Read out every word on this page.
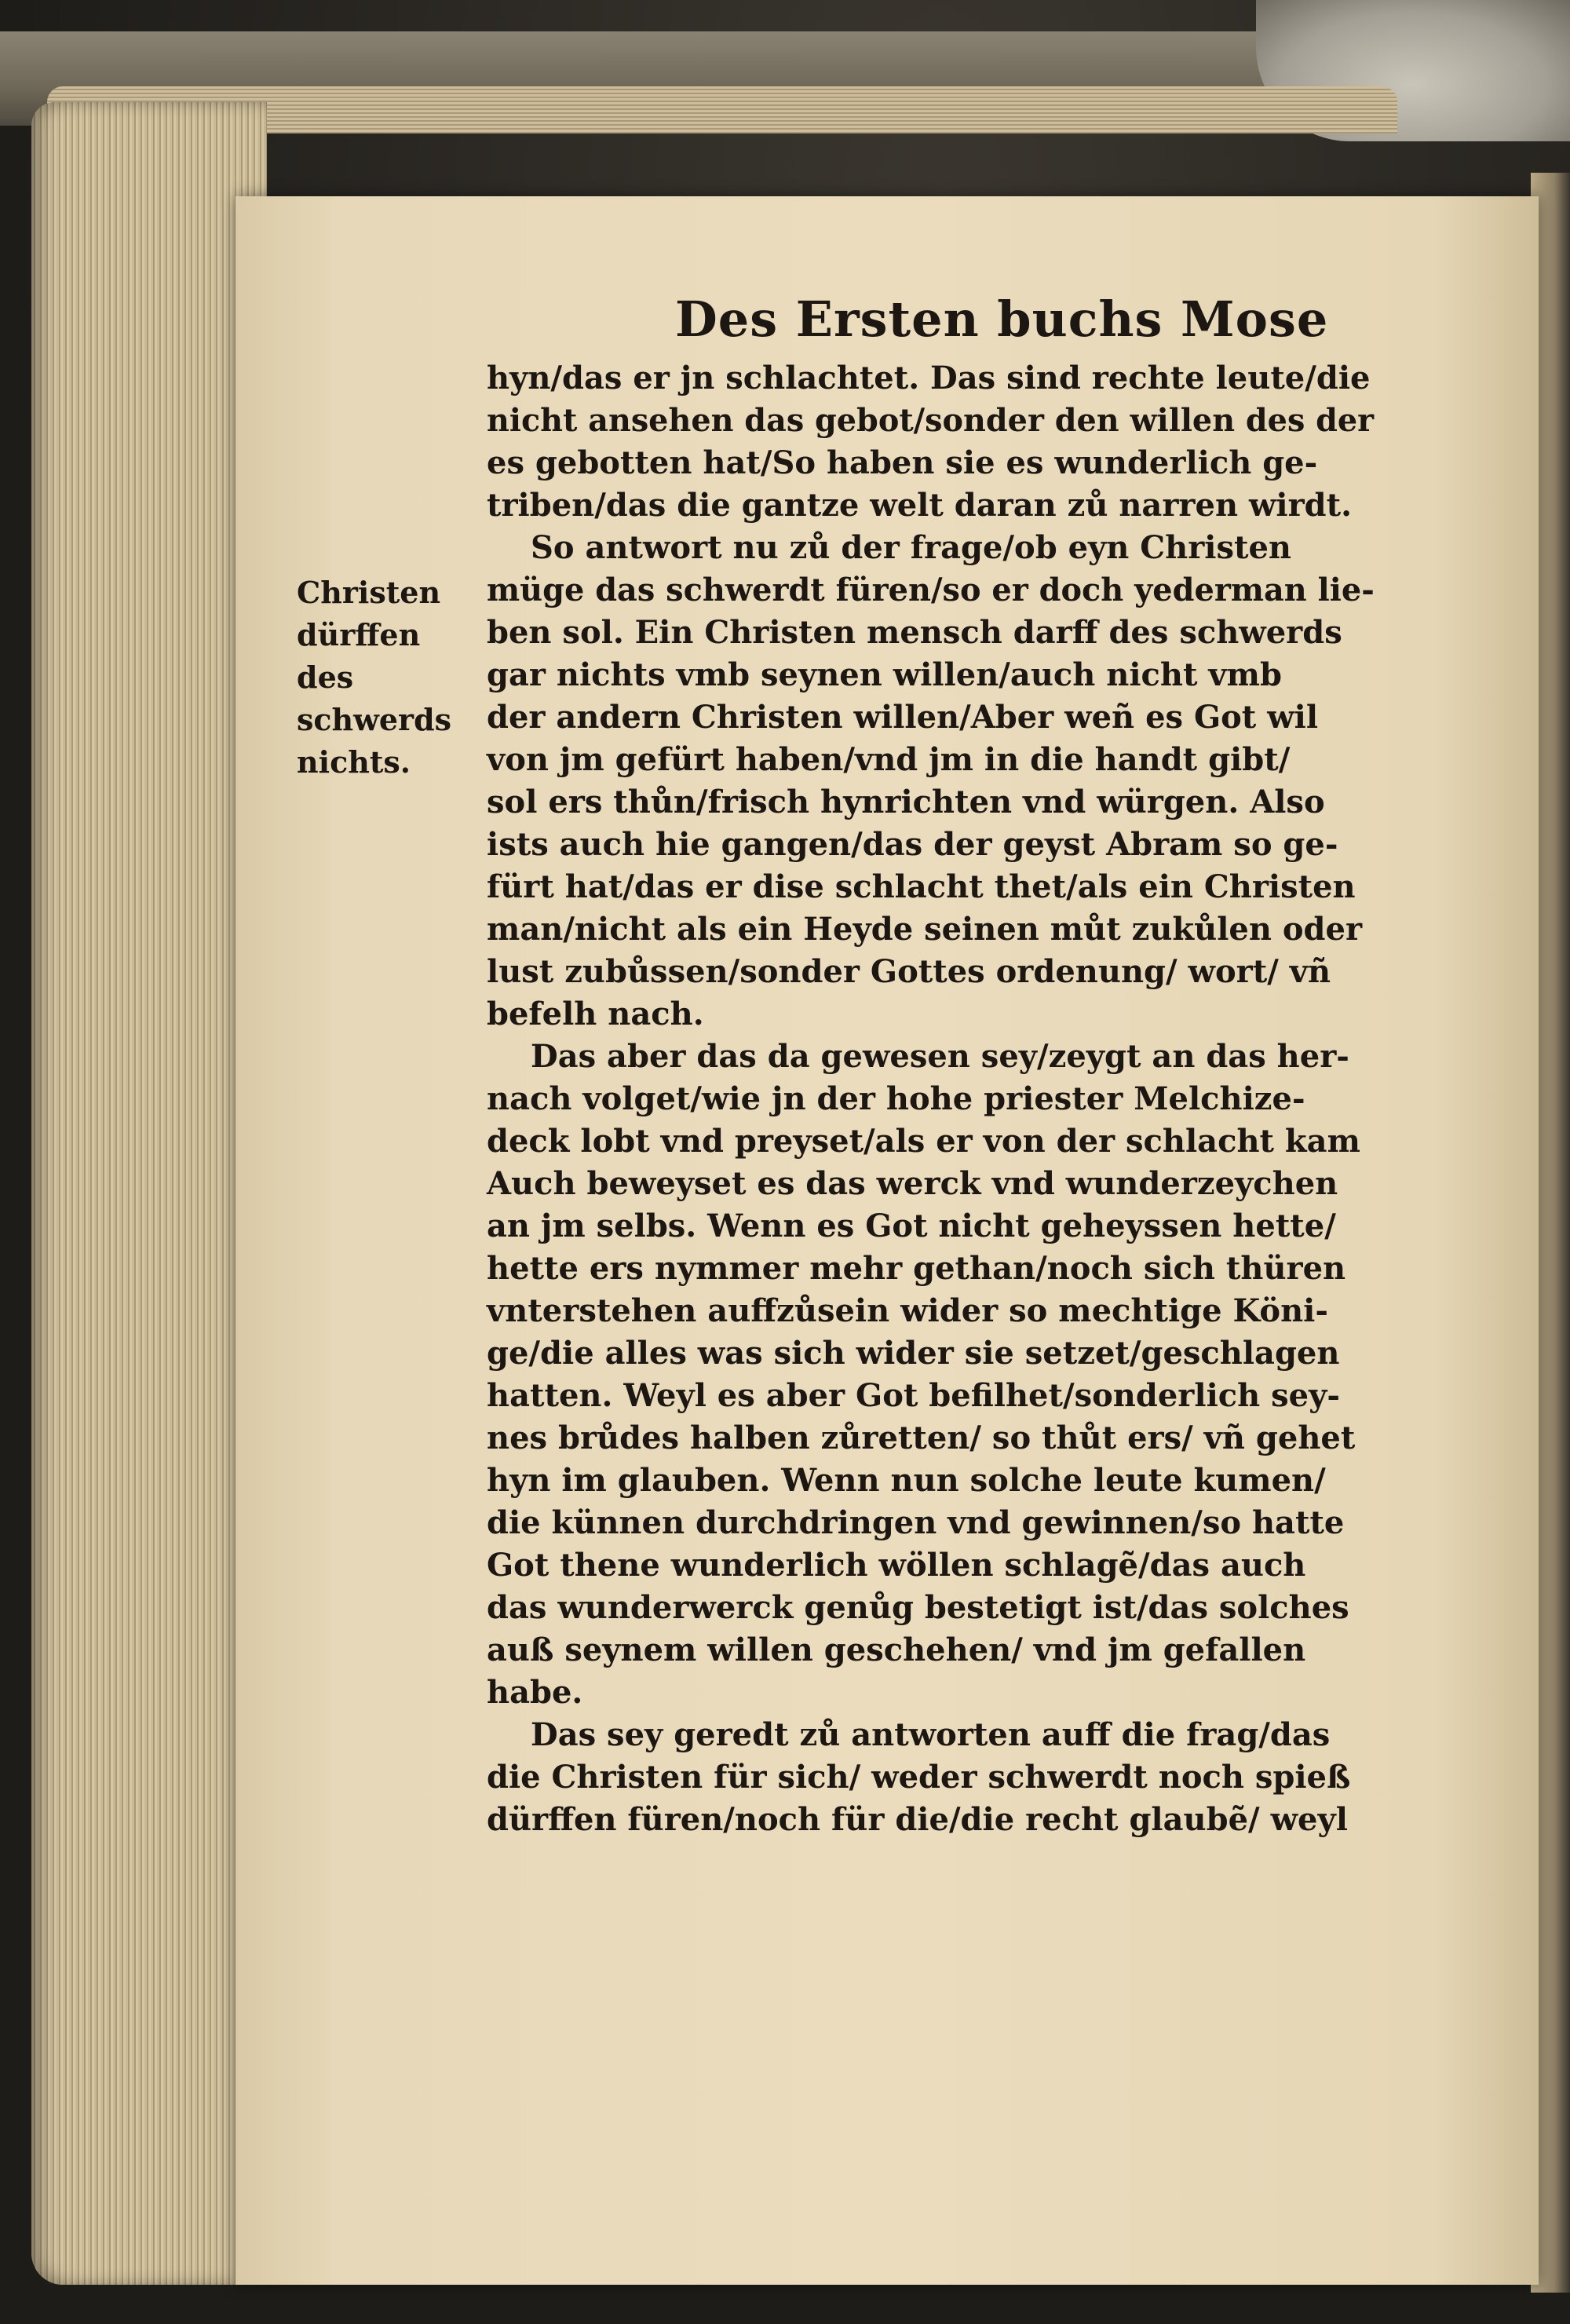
Des Ersten buchs Mose
Christen
dürffen
des
schwerds
nichts.
hyn/das er jn schlachtet. Das sind rechte leute/die
nicht ansehen das gebot/sonder den willen des der
es gebotten hat/So haben sie es wunderlich ge-
triben/das die gantze welt daran zů narren wirdt.
So antwort nu zů der frage/ob eyn Christen
müge das schwerdt füren/so er doch yederman lie-
ben sol. Ein Christen mensch darff des schwerds
gar nichts vmb seynen willen/auch nicht vmb
der andern Christen willen/Aber weñ es Got wil
von jm gefürt haben/vnd jm in die handt gibt/
sol ers thůn/frisch hynrichten vnd würgen. Also
ists auch hie gangen/das der geyst Abram so ge-
fürt hat/das er dise schlacht thet/als ein Christen
man/nicht als ein Heyde seinen můt zukůlen oder
lust zubůssen/sonder Gottes ordenung/ wort/ vñ
befelh nach.
Das aber das da gewesen sey/zeygt an das her-
nach volget/wie jn der hohe priester Melchize-
deck lobt vnd preyset/als er von der schlacht kam
Auch beweyset es das werck vnd wunderzeychen
an jm selbs. Wenn es Got nicht geheyssen hette/
hette ers nymmer mehr gethan/noch sich thüren
vnterstehen auffzůsein wider so mechtige Köni-
ge/die alles was sich wider sie setzet/geschlagen
hatten. Weyl es aber Got befilhet/sonderlich sey-
nes brůdes halben zůretten/ so thůt ers/ vñ gehet
hyn im glauben. Wenn nun solche leute kumen/
die künnen durchdringen vnd gewinnen/so hatte
Got thene wunderlich wöllen schlagẽ/das auch
das wunderwerck genůg bestetigt ist/das solches
auß seynem willen geschehen/ vnd jm gefallen
habe.
Das sey geredt zů antworten auff die frag/das
die Christen für sich/ weder schwerdt noch spieß
dürffen füren/noch für die/die recht glaubẽ/ weyl
